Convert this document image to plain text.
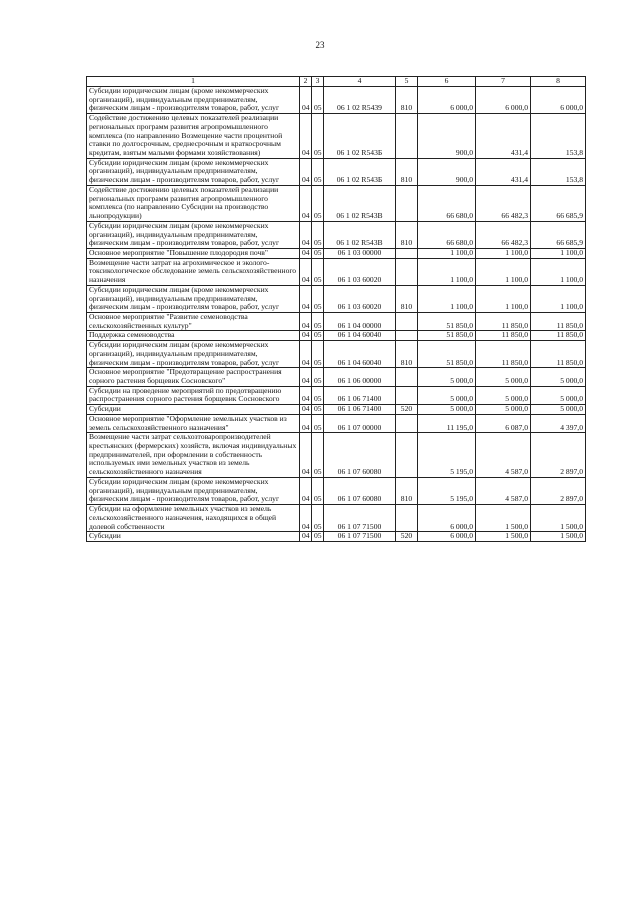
23
1	2	3	4	5	6	7	8
Субсидии юридическим лицам (кроме некоммерческих организаций), индивидуальным предпринимателям, физическим лицам - производителям товаров, работ, услуг	04	05	06 1 02 R5439	810	6 000,0	6 000,0	6 000,0
Содействие достижению целевых показателей реализации региональных программ развития агропромышленного комплекса (по направлению Возмещение части процентной ставки по долгосрочным, среднесрочным и краткосрочным кредитам, взятым малыми формами хозяйствования)	04	05	06 1 02 R543Б		900,0	431,4	153,8
Субсидии юридическим лицам (кроме некоммерческих организаций), индивидуальным предпринимателям, физическим лицам - производителям товаров, работ, услуг	04	05	06 1 02 R543Б	810	900,0	431,4	153,8
Содействие достижению целевых показателей реализации региональных программ развития агропромышленного комплекса (по направлению Субсидии на производство льнопродукции)	04	05	06 1 02 R543В		66 680,0	66 482,3	66 685,9
Субсидии юридическим лицам (кроме некоммерческих организаций), индивидуальным предпринимателям, физическим лицам - производителям товаров, работ, услуг	04	05	06 1 02 R543В	810	66 680,0	66 482,3	66 685,9
Основное мероприятие "Повышение плодородия почв"	04	05	06 1 03 00000		1 100,0	1 100,0	1 100,0
Возмещение части затрат на агрохимическое и эколого-токсикологическое обследование земель сельскохозяйственного назначения	04	05	06 1 03 60020		1 100,0	1 100,0	1 100,0
Субсидии юридическим лицам (кроме некоммерческих организаций), индивидуальным предпринимателям, физическим лицам - производителям товаров, работ, услуг	04	05	06 1 03 60020	810	1 100,0	1 100,0	1 100,0
Основное мероприятие "Развитие семеноводства сельскохозяйственных культур"	04	05	06 1 04 00000		51 850,0	11 850,0	11 850,0
Поддержка семеноводства	04	05	06 1 04 60040		51 850,0	11 850,0	11 850,0
Субсидии юридическим лицам (кроме некоммерческих организаций), индивидуальным предпринимателям, физическим лицам - производителям товаров, работ, услуг	04	05	06 1 04 60040	810	51 850,0	11 850,0	11 850,0
Основное мероприятие "Предотвращение распространения сорного растения борщевик Сосновского"	04	05	06 1 06 00000		5 000,0	5 000,0	5 000,0
Субсидии на проведение мероприятий по предотвращению распространения сорного растения борщевик Сосновского	04	05	06 1 06 71400		5 000,0	5 000,0	5 000,0
Субсидии	04	05	06 1 06 71400	520	5 000,0	5 000,0	5 000,0
Основное мероприятие "Оформление земельных участков из земель сельскохозяйственного назначения"	04	05	06 1 07 00000		11 195,0	6 087,0	4 397,0
Возмещение части затрат сельхозтоваропроизводителей крестьянских (фермерских) хозяйств, включая индивидуальных предпринимателей, при оформлении в собственность используемых ими земельных участков из земель сельскохозяйственного назначения	04	05	06 1 07 60080		5 195,0	4 587,0	2 897,0
Субсидии юридическим лицам (кроме некоммерческих организаций), индивидуальным предпринимателям, физическим лицам - производителям товаров, работ, услуг	04	05	06 1 07 60080	810	5 195,0	4 587,0	2 897,0
Субсидии на оформление земельных участков из земель сельскохозяйственного назначения, находящихся в общей долевой собственности	04	05	06 1 07 71500		6 000,0	1 500,0	1 500,0
Субсидии	04	05	06 1 07 71500	520	6 000,0	1 500,0	1 500,0
